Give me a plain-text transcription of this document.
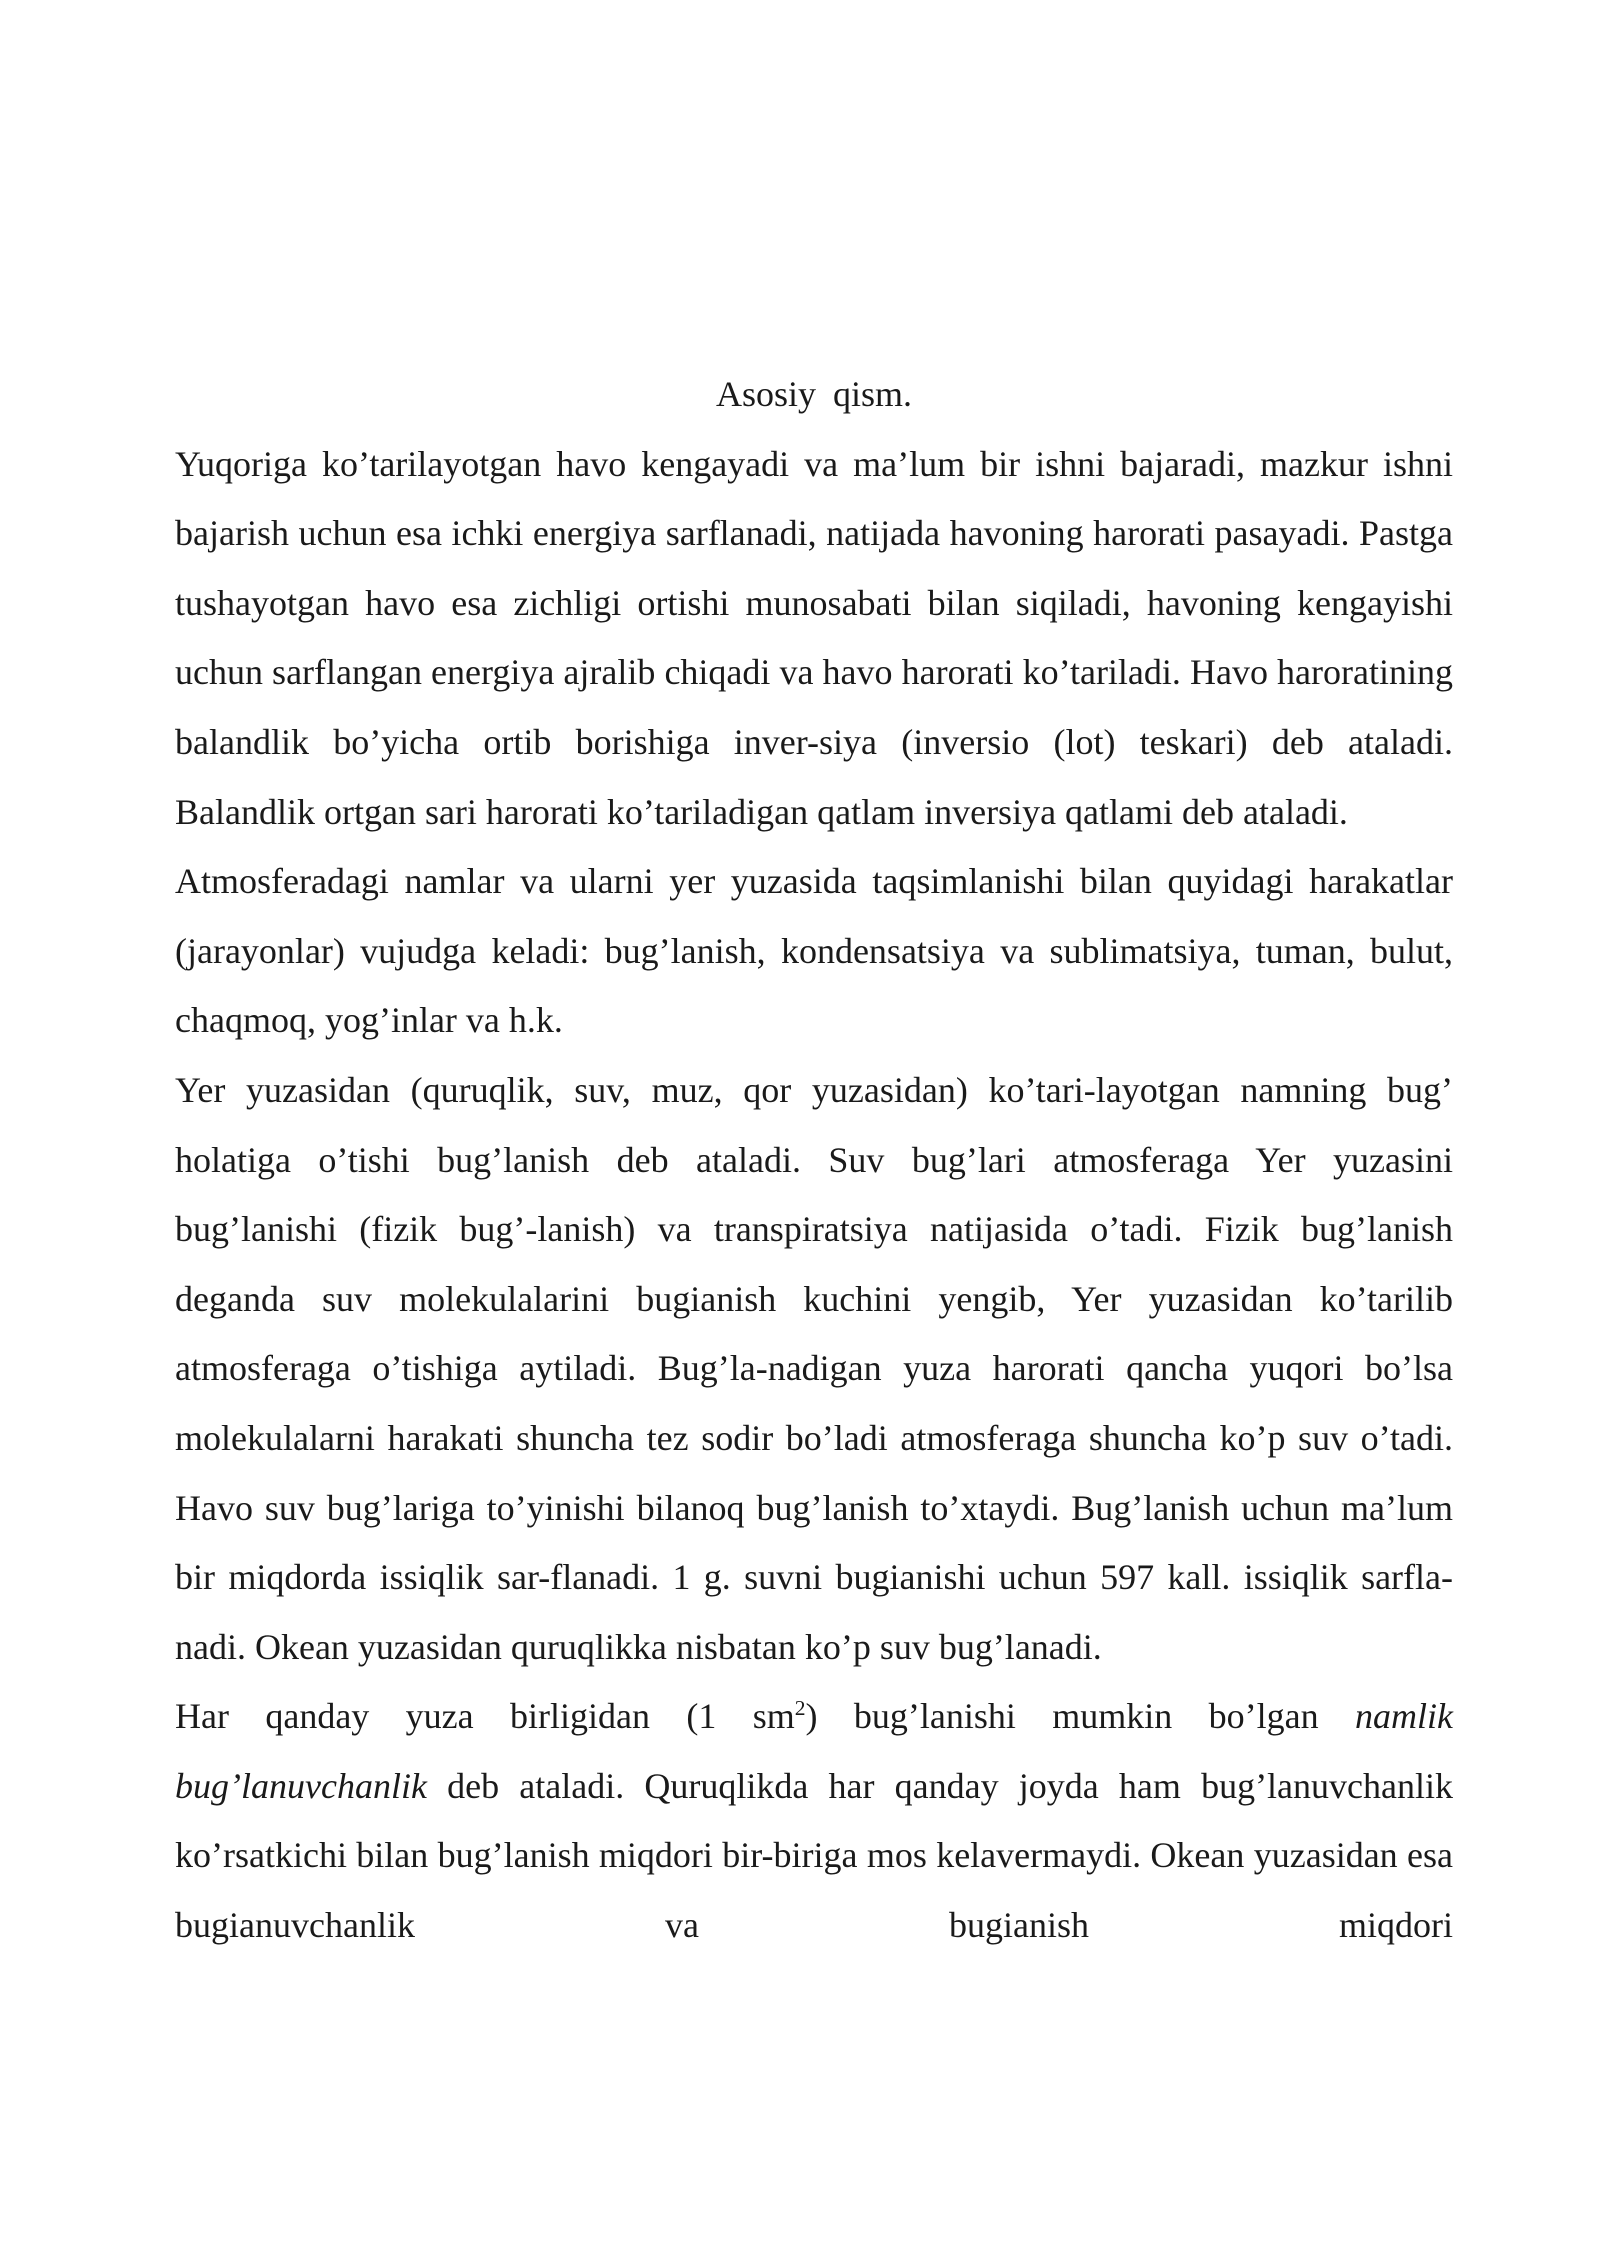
Asosiy qism.

Yuqoriga ko’tarilayotgan havo kengayadi va ma’lum bir ishni bajaradi, mazkur ishni bajarish uchun esa ichki energiya sarflanadi, natijada havoning harorati pasayadi. Pastga tushayotgan havo esa zichligi ortishi munosabati bilan siqiladi, havoning kengayishi uchun sarflangan energiya ajralib chiqadi va havo harorati ko’tariladi. Havo haroratining balandlik bo’yicha ortib borishiga inver-siya (inversio (lot) teskari) deb ataladi. Balandlik ortgan sari harorati ko’tariladigan qatlam inversiya qatlami deb ataladi.

Atmosferadagi namlar va ularni yer yuzasida taqsimlanishi bilan quyidagi harakatlar (jarayonlar) vujudga keladi: bug’lanish, kondensatsiya va sublimatsiya, tuman, bulut, chaqmoq, yog’inlar va h.k.

Yer yuzasidan (quruqlik, suv, muz, qor yuzasidan) ko’tari-layotgan namning bug’ holatiga o’tishi bug’lanish deb ataladi. Suv bug’lari atmosferaga Yer yuzasini bug’lanishi (fizik bug’-lanish) va transpiratsiya natijasida o’tadi. Fizik bug’lanish deganda suv molekulalarini bugianish kuchini yengib, Yer yuzasidan ko’tarilib atmosferaga o’tishiga aytiladi. Bug’la-nadigan yuza harorati qancha yuqori bo’lsa molekulalarni harakati shuncha tez sodir bo’ladi atmosferaga shuncha ko’p suv o’tadi. Havo suv bug’lariga to’yinishi bilanoq bug’lanish to’xtaydi. Bug’lanish uchun ma’lum bir miqdorda issiqlik sar-flanadi. 1 g. suvni bugianishi uchun 597 kall. issiqlik sarfla-nadi. Okean yuzasidan quruqlikka nisbatan ko’p suv bug’lanadi.

Har qanday yuza birligidan (1 $sm^2$) bug’lanishi mumkin bo’lgan namlik bug’lanuvchanlik deb ataladi. Quruqlikda har qanday joyda ham bug’lanuvchanlik ko’rsatkichi bilan bug’lanish miqdori bir-biriga mos kelavermaydi. Okean yuzasidan esa bugianuvchanlik va bugianish miqdori
